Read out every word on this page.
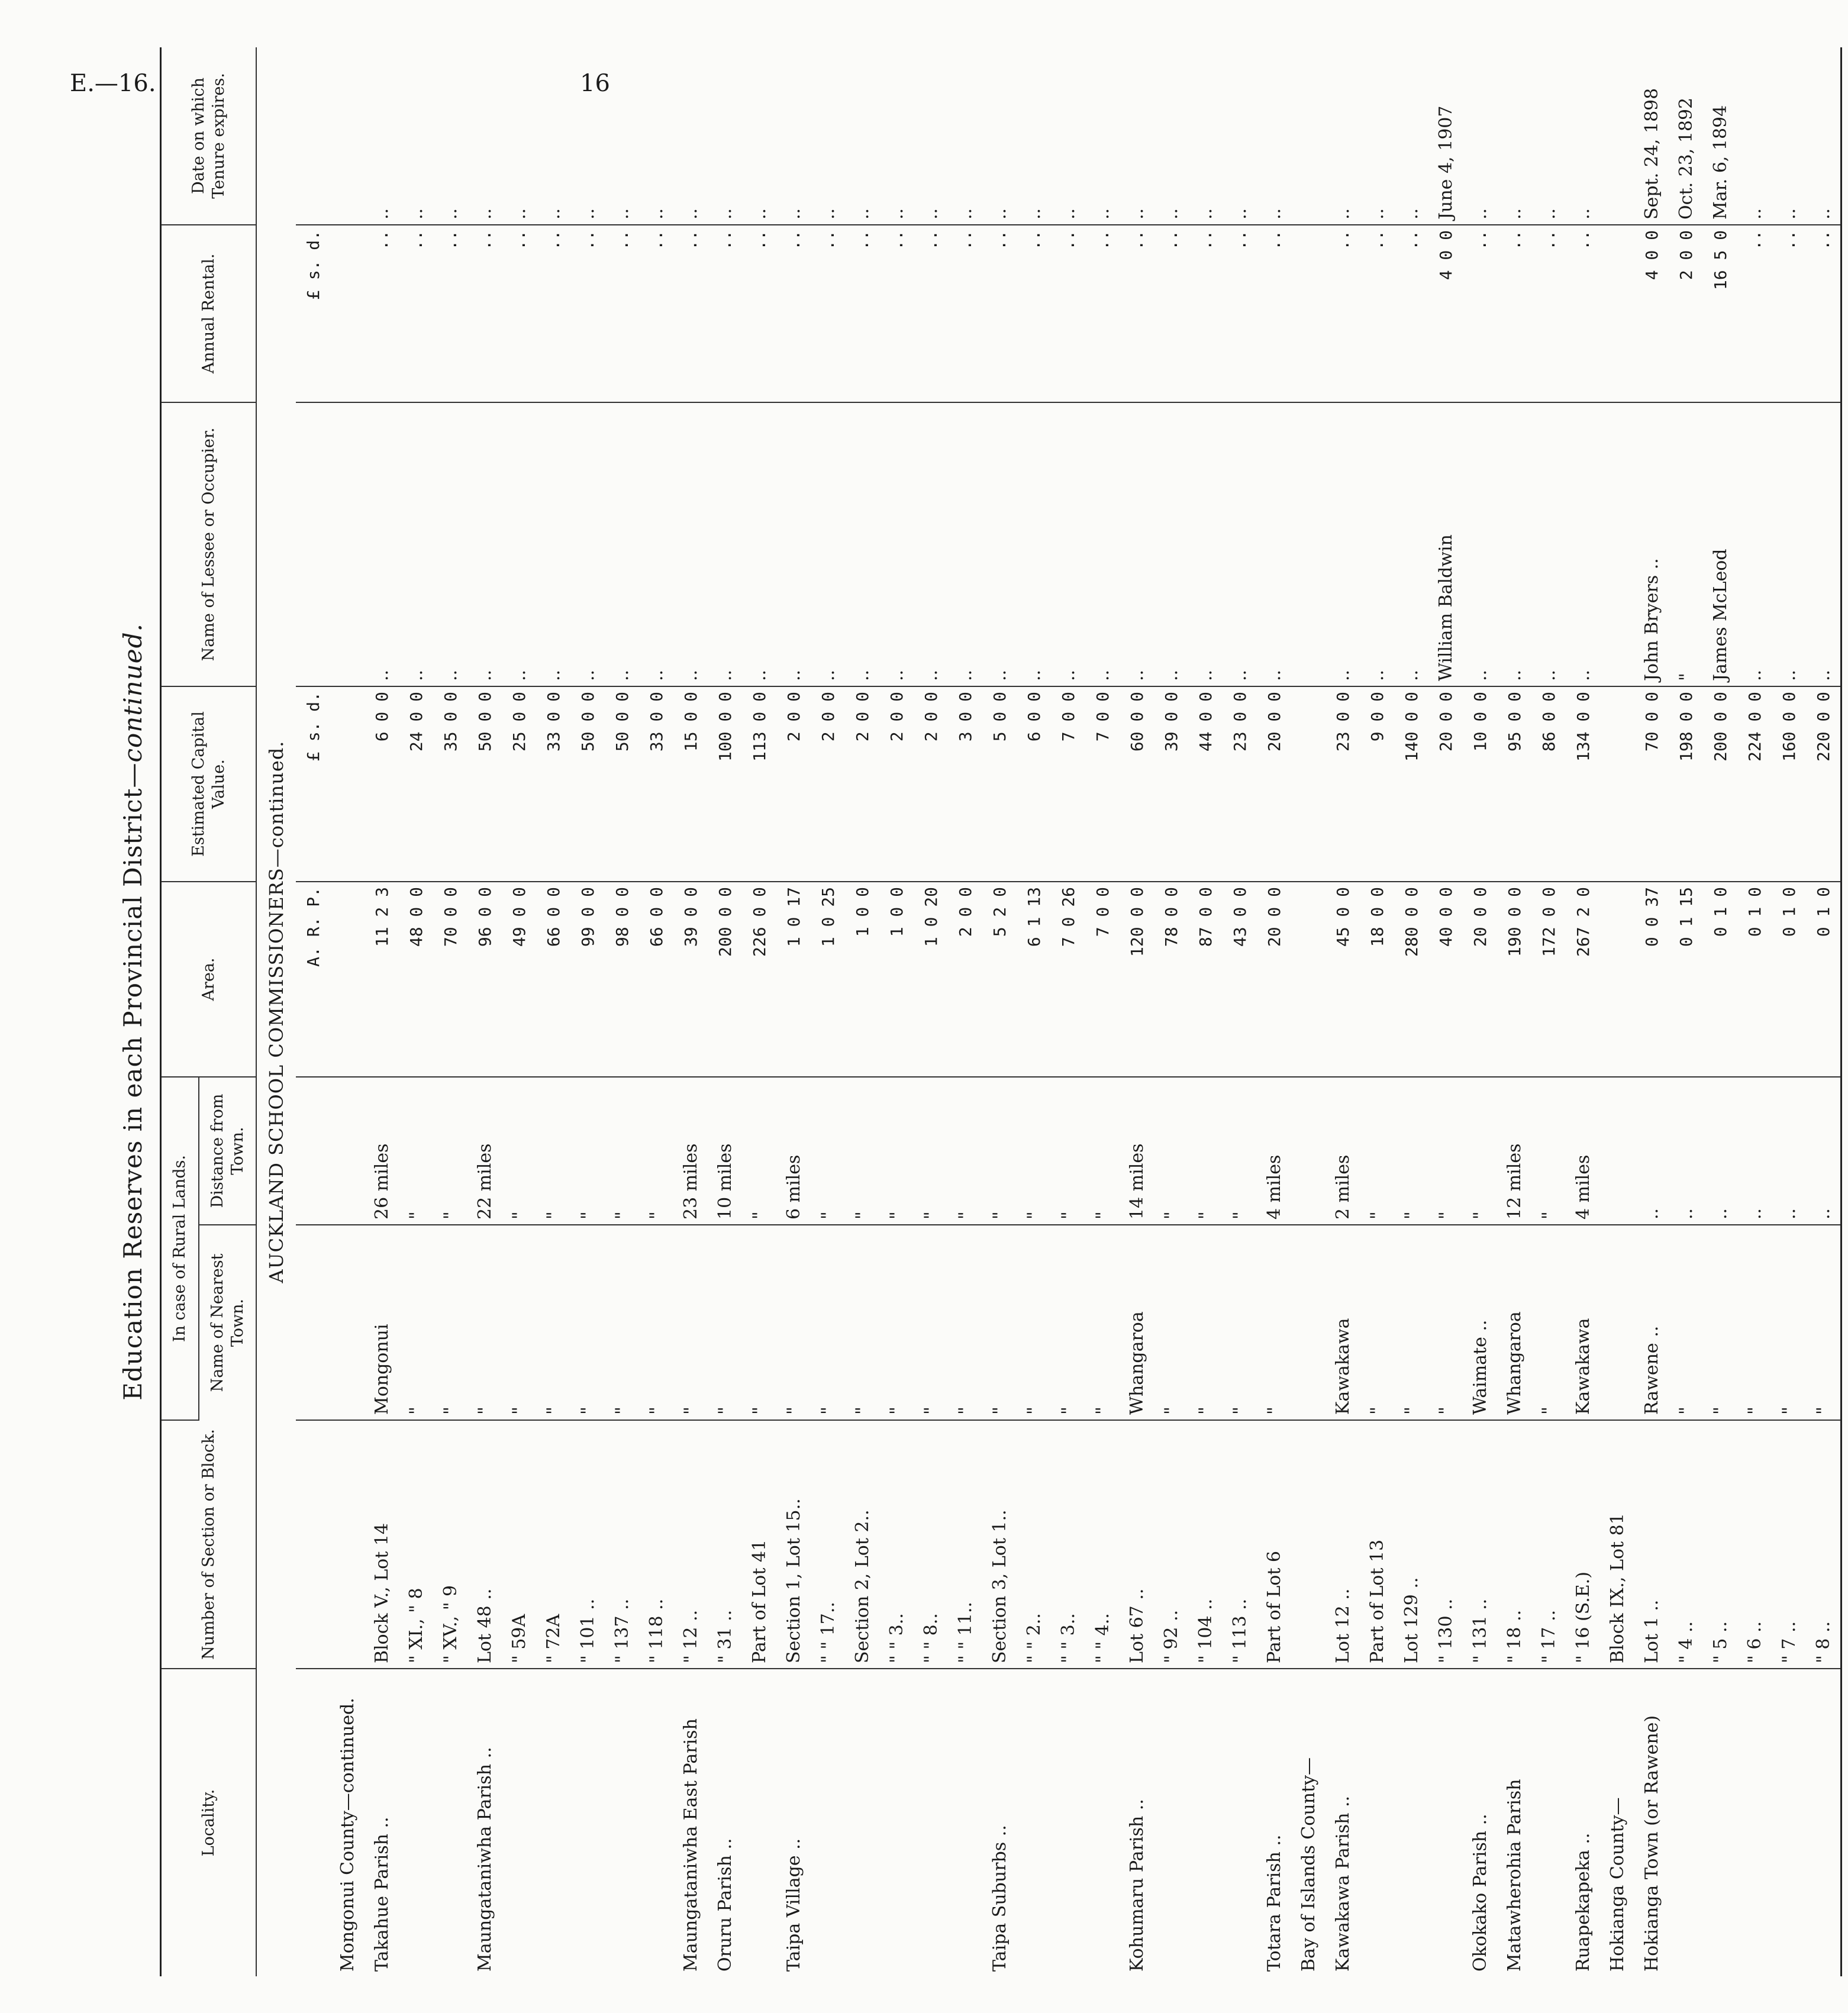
E.—16.	16
Education Reserves in each Provincial District—continued.
Locality.	Number of Section or Block.	In case of Rural Lands.		Area.	Estimated Capital Value.	Name of Lessee or Occupier.	Annual Rental.	Date on which Tenure expires.
		Name of Nearest Town.	Distance from Town.					
AUCKLAND SCHOOL COMMISSIONERS—continued.								
				A. R. P.	£ s. d.		£ s. d.	
Mongonui County—continued.								
Takahue Parish ..	Block V., Lot 14	Mongonui	26 miles	11 2 3	6 0 0	..	..	..
	" XI., " 8	"	"	48 0 0	24 0 0	..	..	..
	" XV., " 9	"	"	70 0 0	35 0 0	..	..	..
Maungataniwha Parish ..	Lot 48 ..	"	22 miles	96 0 0	50 0 0	..	..	..
	" 59A	"	"	49 0 0	25 0 0	..	..	..
	" 72A	"	"	66 0 0	33 0 0	..	..	..
	" 101 ..	"	"	99 0 0	50 0 0	..	..	..
	" 137 ..	"	"	98 0 0	50 0 0	..	..	..
	" 118 ..	"	"	66 0 0	33 0 0	..	..	..
Maungataniwha East Parish	" 12 ..	"	23 miles	39 0 0	15 0 0	..	..	..
Oruru Parish ..	" 31 ..	"	10 miles	200 0 0	100 0 0	..	..	..
	Part of Lot 41	"	"	226 0 0	113 0 0	..	..	..
Taipa Village ..	Section 1, Lot 15..	"	6 miles	1 0 17	2 0 0	..	..	..
	" " 17..	"	"	1 0 25	2 0 0	..	..	..
	Section 2, Lot 2..	"	"	1 0 0	2 0 0	..	..	..
	" " 3..	"	"	1 0 0	2 0 0	..	..	..
	" " 8..	"	"	1 0 20	2 0 0	..	..	..
	" " 11..	"	"	2 0 0	3 0 0	..	..	..
Taipa Suburbs ..	Section 3, Lot 1..	"	"	5 2 0	5 0 0	..	..	..
	" " 2..	"	"	6 1 13	6 0 0	..	..	..
	" " 3..	"	"	7 0 26	7 0 0	..	..	..
	" " 4..	"	"	7 0 0	7 0 0	..	..	..
Kohumaru Parish ..	Lot 67 ..	Whangaroa	14 miles	120 0 0	60 0 0	..	..	..
	" 92 ..	"	"	78 0 0	39 0 0	..	..	..
	" 104 ..	"	"	87 0 0	44 0 0	..	..	..
	" 113 ..	"	"	43 0 0	23 0 0	..	..	..
Totara Parish ..	Part of Lot 6	"	4 miles	20 0 0	20 0 0	..	..	..
Bay of Islands County—								
Kawakawa Parish ..	Lot 12 ..	Kawakawa	2 miles	45 0 0	23 0 0	..	..	..
	Part of Lot 13	"	"	18 0 0	9 0 0	..	..	..
	Lot 129 ..	"	"	280 0 0	140 0 0	..	..	..
	" 130 ..	"	"	40 0 0	20 0 0	William Baldwin	4 0 0	June 4, 1907
Okokako Parish ..	" 131 ..	Waimate ..	"	20 0 0	10 0 0	..	..	..
Matawherohia Parish	" 18 ..	Whangaroa	12 miles	190 0 0	95 0 0	..	..	..
	" 17 ..	"	"	172 0 0	86 0 0	..	..	..
Ruapekapeka ..	" 16 (S.E.)	Kawakawa	4 miles	267 2 0	134 0 0	..	..	..
Hokianga County—	Block IX., Lot 81							
Hokianga Town (or Rawene)	Lot 1 ..	Rawene ..	..	0 0 37	70 0 0	John Bryers ..	4 0 0	Sept. 24, 1898
	" 4 ..	"	..	0 1 15	198 0 0	"	2 0 0	Oct. 23, 1892
	" 5 ..	"	..	0 1 0	200 0 0	James McLeod	16 5 0	Mar. 6, 1894
	" 6 ..	"	..	0 1 0	224 0 0	..	..	..
	" 7 ..	"	..	0 1 0	160 0 0	..	..	..
	" 8 ..	"	..	0 1 0	220 0 0	..	..	..
